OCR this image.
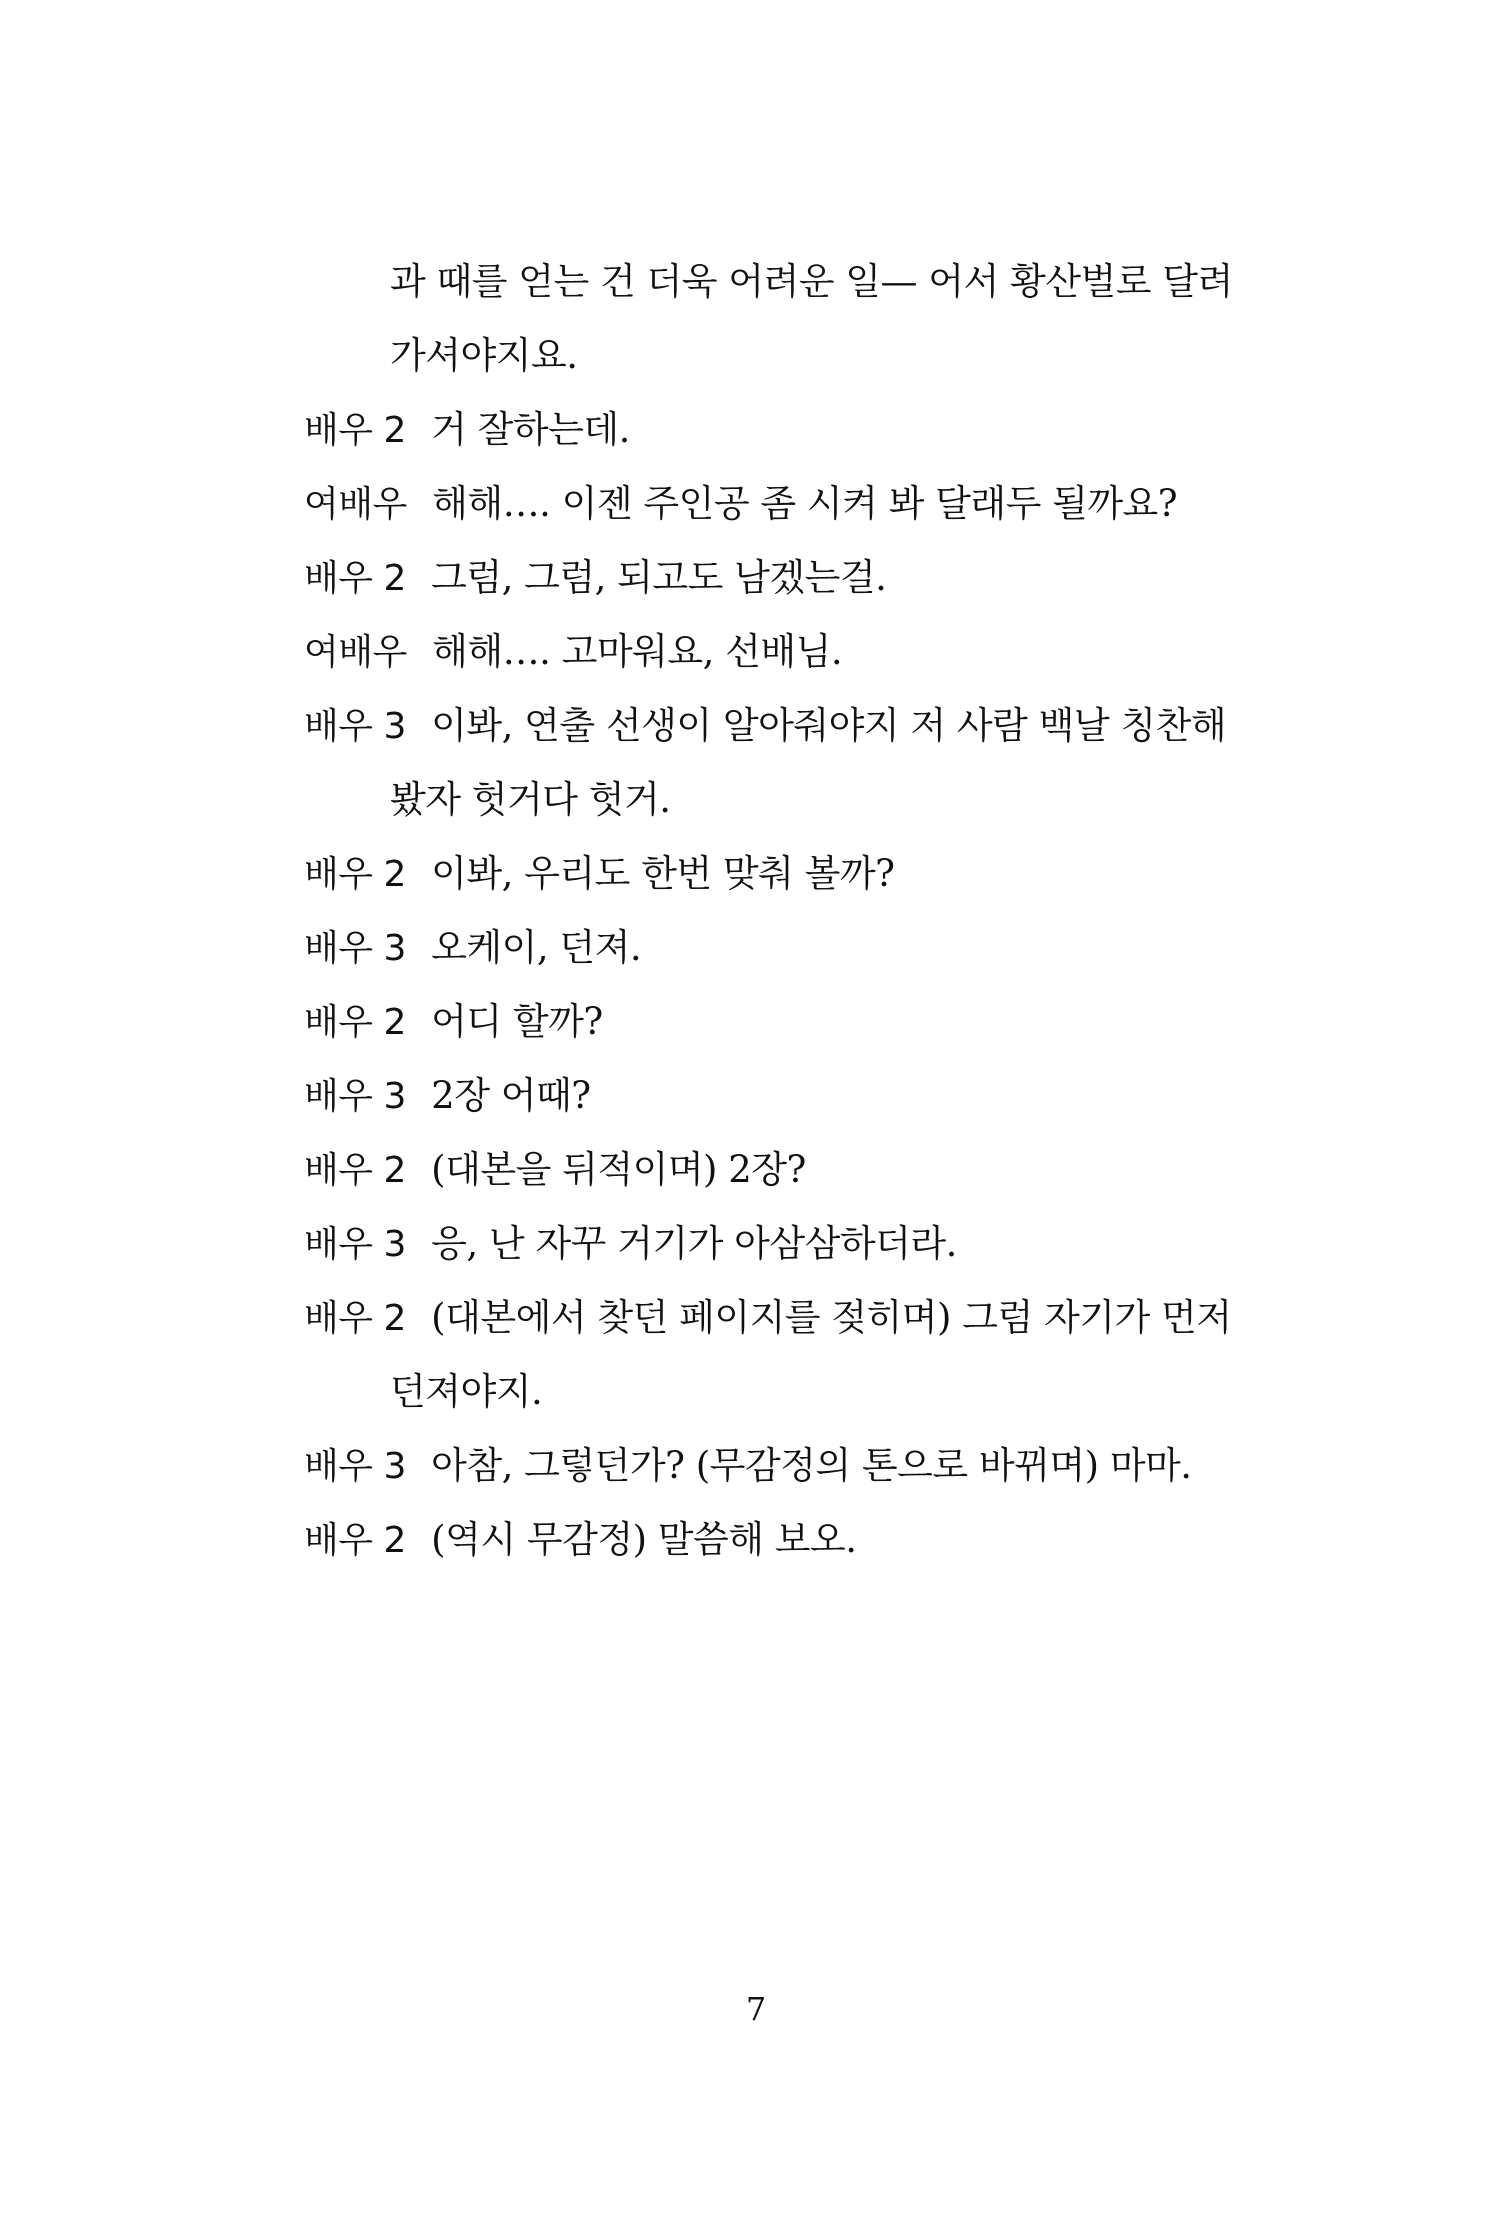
과 때를 얻는 건 더욱 어려운 일— 어서 황산벌로 달려
가셔야지요.
배우 2 거 잘하는데.
여배우 해해…. 이젠 주인공 좀 시켜 봐 달래두 될까요?
배우 2 그럼, 그럼, 되고도 남겠는걸.
여배우 해해…. 고마워요, 선배님.
배우 3 이봐, 연출 선생이 알아줘야지 저 사람 백날 칭찬해
봤자 헛거다 헛거.
배우 2 이봐, 우리도 한번 맞춰 볼까?
배우 3 오케이, 던져.
배우 2 어디 할까?
배우 3 2장 어때?
배우 2 (대본을 뒤적이며) 2장?
배우 3 응, 난 자꾸 거기가 아삼삼하더라.
배우 2 (대본에서 찾던 페이지를 젖히며) 그럼 자기가 먼저
던져야지.
배우 3 아참, 그렇던가? (무감정의 톤으로 바뀌며) 마마.
배우 2 (역시 무감정) 말씀해 보오.
7
